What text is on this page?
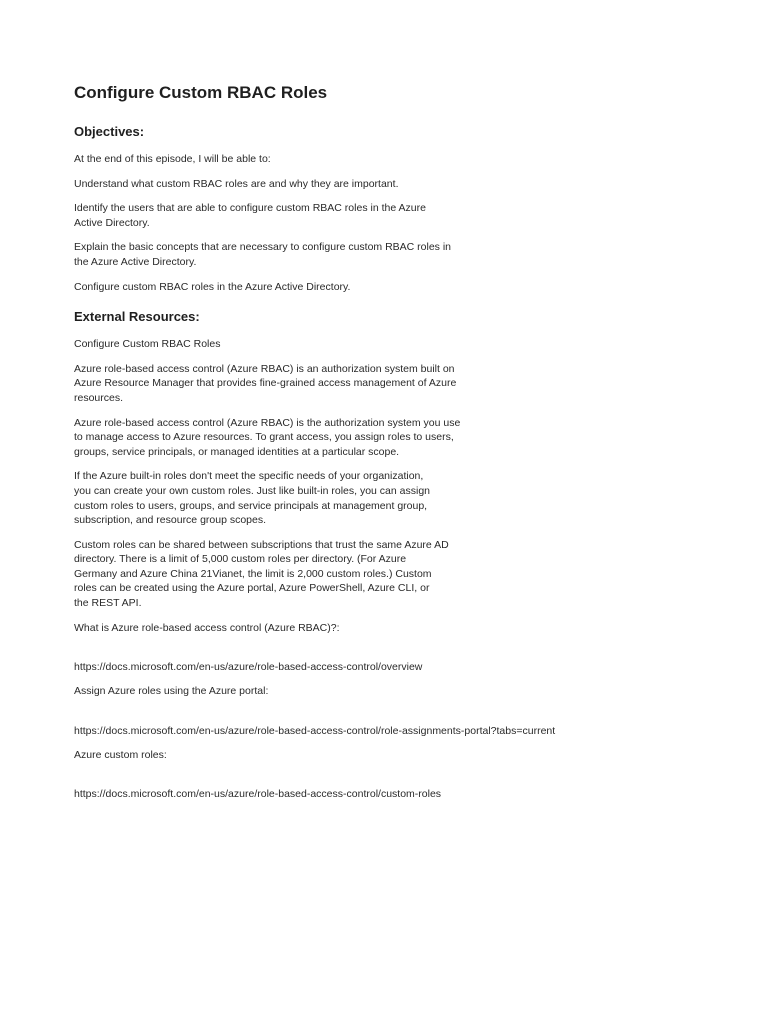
Configure Custom RBAC Roles
Objectives:

At the end of this episode, I will be able to:

Understand what custom RBAC roles are and why they are important.

Identify the users that are able to configure custom RBAC roles in the Azure
Active Directory.

Explain the basic concepts that are necessary to configure custom RBAC roles in
the Azure Active Directory.

Configure custom RBAC roles in the Azure Active Directory.

External Resources:

Configure Custom RBAC Roles

Azure role-based access control (Azure RBAC) is an authorization system built on
Azure Resource Manager that provides fine-grained access management of Azure
resources.

Azure role-based access control (Azure RBAC) is the authorization system you use
to manage access to Azure resources. To grant access, you assign roles to users,
groups, service principals, or managed identities at a particular scope.

If the Azure built-in roles don't meet the specific needs of your organization,
you can create your own custom roles. Just like built-in roles, you can assign
custom roles to users, groups, and service principals at management group,
subscription, and resource group scopes.

Custom roles can be shared between subscriptions that trust the same Azure AD
directory. There is a limit of 5,000 custom roles per directory. (For Azure
Germany and Azure China 21Vianet, the limit is 2,000 custom roles.) Custom
roles can be created using the Azure portal, Azure PowerShell, Azure CLI, or
the REST API.

What is Azure role-based access control (Azure RBAC)?:

https://docs.microsoft.com/en-us/azure/role-based-access-control/overview

Assign Azure roles using the Azure portal:

https://docs.microsoft.com/en-us/azure/role-based-access-control/role-assignments-portal?tabs=current

Azure custom roles:

https://docs.microsoft.com/en-us/azure/role-based-access-control/custom-roles
